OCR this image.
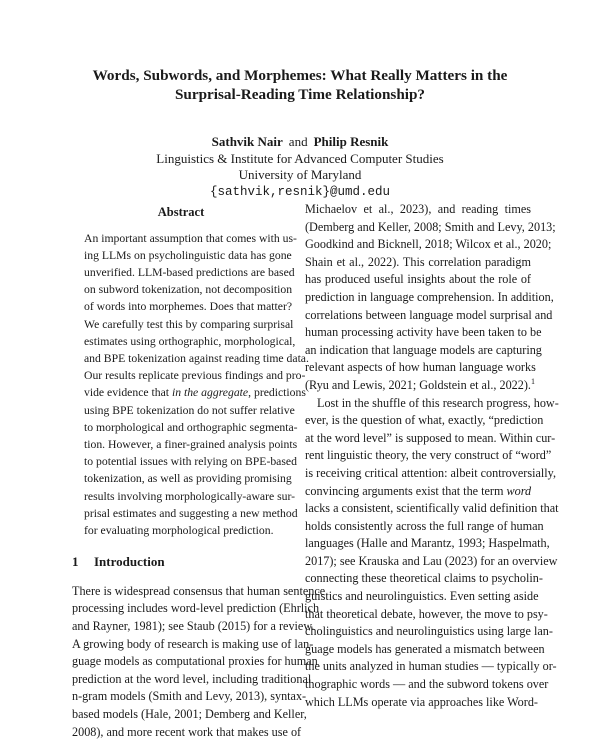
Words, Subwords, and Morphemes: What Really Matters in the
Surprisal-Reading Time Relationship?
Sathvik Nair and Philip Resnik
Linguistics & Institute for Advanced Computer Studies
University of Maryland
{sathvik,resnik}@umd.edu
Abstract
An important assumption that comes with us-
ing LLMs on psycholinguistic data has gone
unverified. LLM-based predictions are based
on subword tokenization, not decomposition
of words into morphemes. Does that matter?
We carefully test this by comparing surprisal
estimates using orthographic, morphological,
and BPE tokenization against reading time data.
Our results replicate previous findings and pro-
vide evidence that in the aggregate, predictions
using BPE tokenization do not suffer relative
to morphological and orthographic segmenta-
tion. However, a finer-grained analysis points
to potential issues with relying on BPE-based
tokenization, as well as providing promising
results involving morphologically-aware sur-
prisal estimates and suggesting a new method
for evaluating morphological prediction.
1 Introduction
There is widespread consensus that human sentence
processing includes word-level prediction (Ehrlich
and Rayner, 1981); see Staub (2015) for a review.
A growing body of research is making use of lan-
guage models as computational proxies for human
prediction at the word level, including traditional
n-gram models (Smith and Levy, 2013), syntax-
based models (Hale, 2001; Demberg and Keller,
2008), and more recent work that makes use of
Michaelov et al., 2023), and reading times
(Demberg and Keller, 2008; Smith and Levy, 2013;
Goodkind and Bicknell, 2018; Wilcox et al., 2020;
Shain et al., 2022). This correlation paradigm
has produced useful insights about the role of
prediction in language comprehension. In addition,
correlations between language model surprisal and
human processing activity have been taken to be
an indication that language models are capturing
relevant aspects of how human language works
(Ryu and Lewis, 2021; Goldstein et al., 2022).$^1$
Lost in the shuffle of this research progress, how-
ever, is the question of what, exactly, “prediction
at the word level” is supposed to mean. Within cur-
rent linguistic theory, the very construct of “word”
is receiving critical attention: albeit controversially,
convincing arguments exist that the term word
lacks a consistent, scientifically valid definition that
holds consistently across the full range of human
languages (Halle and Marantz, 1993; Haspelmath,
2017); see Krauska and Lau (2023) for an overview
connecting these theoretical claims to psycholin-
guistics and neurolinguistics. Even setting aside
that theoretical debate, however, the move to psy-
cholinguistics and neurolinguistics using large lan-
guage models has generated a mismatch between
the units analyzed in human studies — typically or-
thographic words — and the subword tokens over
which LLMs operate via approaches like Word-
